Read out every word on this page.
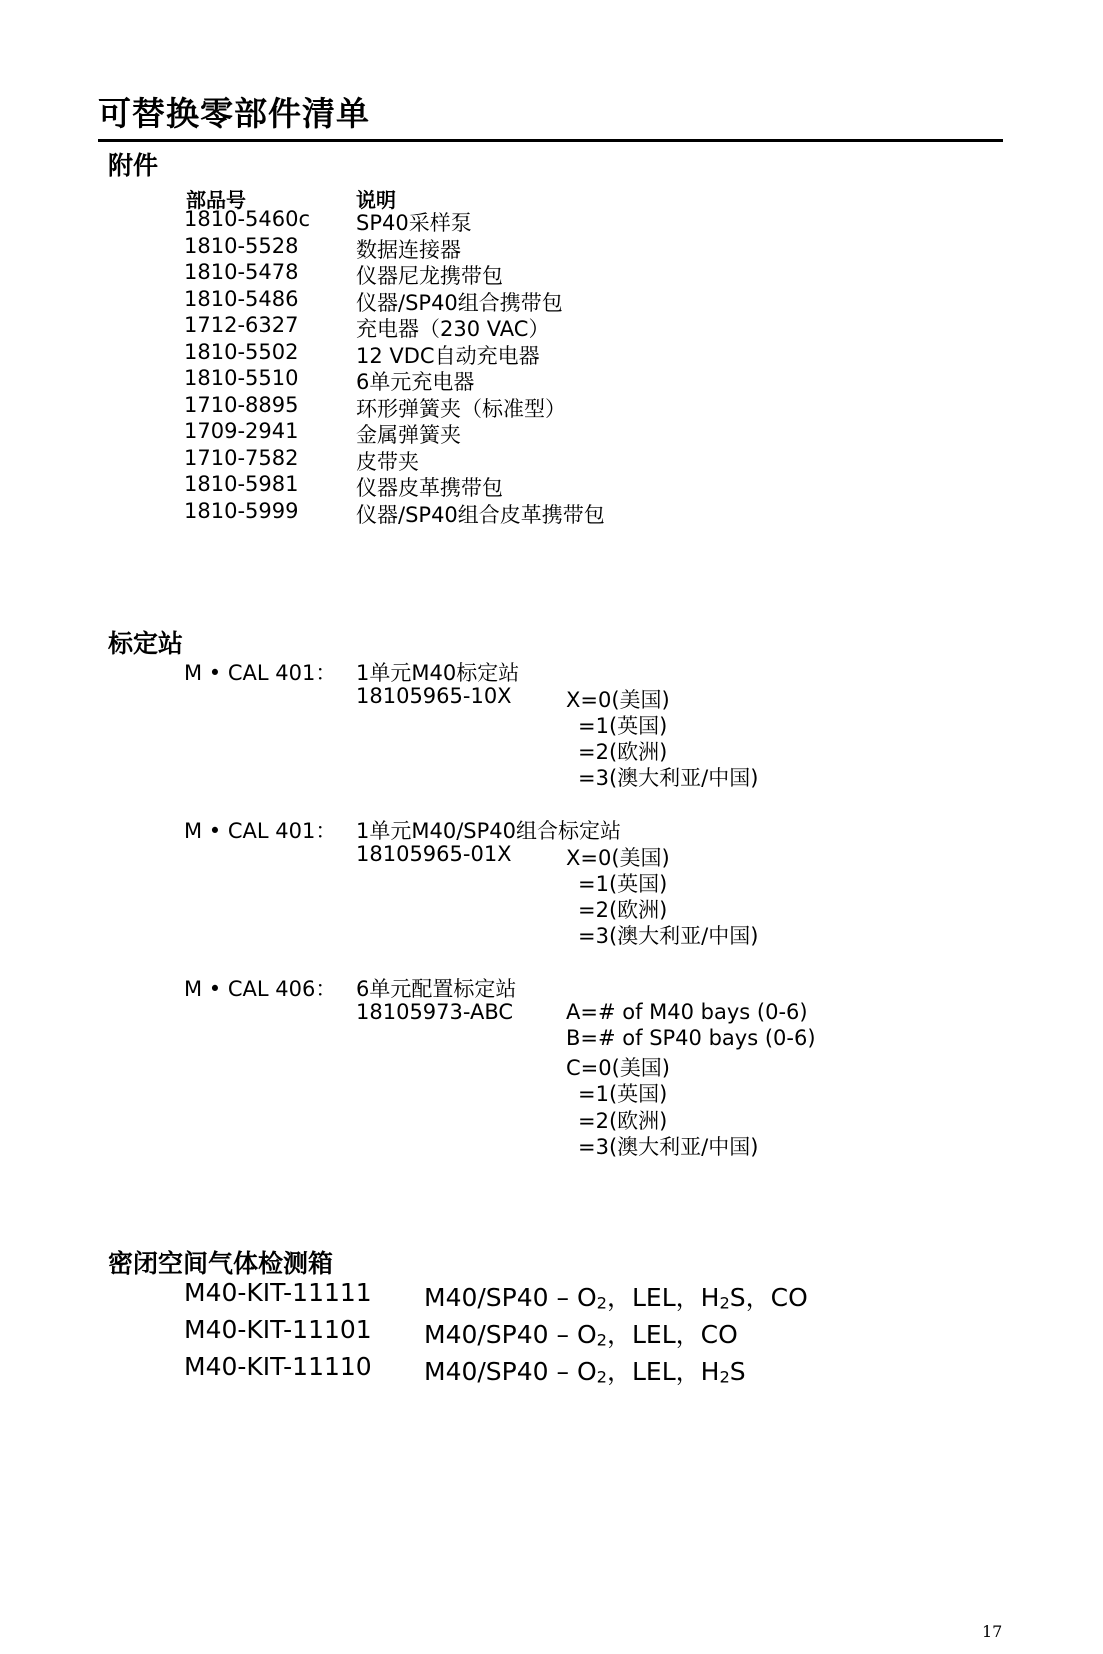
可替换零部件清单
附件
部品号	说明
1810-5460c SP40采样泵
1810-5528	数据连接器
1810-5478	仪器尼龙携带包
1810-5486	仪器/SP40组合携带包
1712-6327	充电器（230 VAC）
1810-5502	12 VDC自动充电器
1810-5510	6单元充电器
1710-8895	环形弹簧夹（标准型）
1709-2941	金属弹簧夹
1710-7582	皮带夹
1810-5981	仪器皮革携带包
1810-5999	仪器/SP40组合皮革携带包
标定站
M • CAL 401： 1单元M40标定站
18105965-10X	X=0(美国)
=1(英国)
=2(欧洲)
=3(澳大利亚/中国)
M • CAL 401： 1单元M40/SP40组合标定站
18105965-01X	X=0(美国)
=1(英国)
=2(欧洲)
=3(澳大利亚/中国)
M • CAL 406： 6单元配置标定站
18105973-ABC	A=# of M40 bays (0-6)
B=# of SP40 bays (0-6)
C=0(美国)
=1(英国)
=2(欧洲)
=3(澳大利亚/中国)
密闭空间气体检测箱
M40-KIT-11111 $M40/SP40 - O_2$，LEL，$H_2S$，CO
M40-KIT-11101 $M40/SP40 - O_2$，LEL，CO
M40-KIT-11110 $M40/SP40 - O_2$，LEL，$H_2S$
17
